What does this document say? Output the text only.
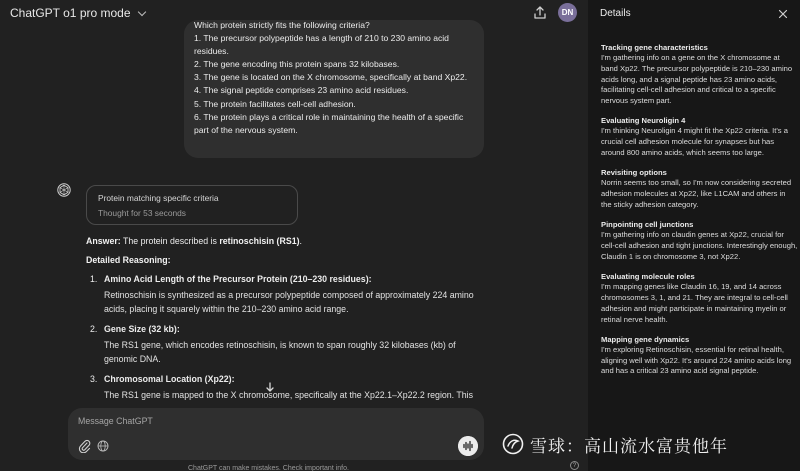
ChatGPT o1 pro mode	DN

Which protein strictly fits the following criteria?

1. The precursor polypeptide has a length of 210 to 230 amino acid residues.

2. The gene encoding this protein spans 32 kilobases.

3. The gene is located on the X chromosome, specifically at band Xp22.

4. The signal peptide comprises 23 amino acid residues.

5. The protein facilitates cell-cell adhesion.

6. The protein plays a critical role in maintaining the health of a specific part of the nervous system.

Protein matching specific criteria
Thought for 53 seconds
Answer: The protein described is retinoschisin (RS1).
Detailed Reasoning:
1. Amino Acid Length of the Precursor Protein (210–230 residues):
Retinoschisin is synthesized as a precursor polypeptide composed of approximately 224 amino acids, placing it squarely within the 210–230 amino acid range.
2. Gene Size (32 kb):
The RS1 gene, which encodes retinoschisin, is known to span roughly 32 kilobases (kb) of genomic DNA.
3. Chromosomal Location (Xp22):
The RS1 gene is mapped to the X chromosome, specifically at the Xp22.1–Xp22.2 region. This
Message ChatGPT
ChatGPT can make mistakes. Check important info.	?
Details
Tracking gene characteristics
I'm gathering info on a gene on the X chromosome at band Xp22. The precursor polypeptide is 210–230 amino acids long, and a signal peptide has 23 amino acids, facilitating cell-cell adhesion and critical to a specific nervous system part.
Evaluating Neuroligin 4
I'm thinking Neuroligin 4 might fit the Xp22 criteria. It's a crucial cell adhesion molecule for synapses but has around 800 amino acids, which seems too large.
Revisiting options
Norrin seems too small, so I'm now considering secreted adhesion molecules at Xp22, like L1CAM and others in the sticky adhesion category.
Pinpointing cell junctions
I'm gathering info on claudin genes at Xp22, crucial for cell-cell adhesion and tight junctions. Interestingly enough, Claudin 1 is on chromosome 3, not Xp22.
Evaluating molecule roles
I'm mapping genes like Claudin 16, 19, and 14 across chromosomes 3, 1, and 21. They are integral to cell-cell adhesion and might participate in maintaining myelin or retinal nerve health.
Mapping gene dynamics
I'm exploring Retinoschisin, essential for retinal health, aligning well with Xp22. It's around 224 amino acids long and has a critical 23 amino acid signal peptide.
雪球：高山流水富贵他年
